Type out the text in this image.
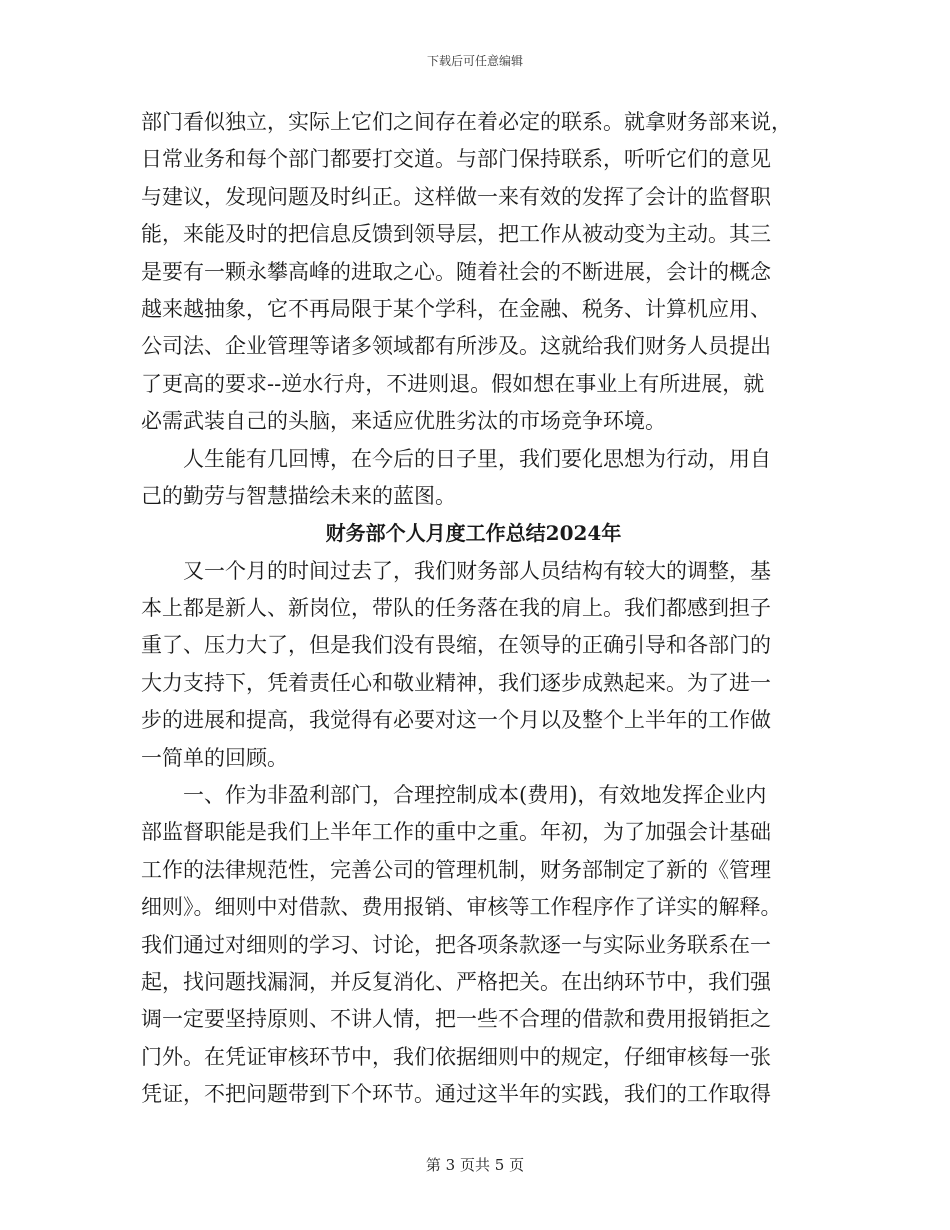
下载后可任意编辑
部门看似独立，实际上它们之间存在着必定的联系。就拿财务部来说，
日常业务和每个部门都要打交道。与部门保持联系，听听它们的意见
与建议，发现问题及时纠正。这样做一来有效的发挥了会计的监督职
能，来能及时的把信息反馈到领导层，把工作从被动变为主动。其三
是要有一颗永攀高峰的进取之心。随着社会的不断进展，会计的概念
越来越抽象，它不再局限于某个学科，在金融、税务、计算机应用、
公司法、企业管理等诸多领域都有所涉及。这就给我们财务人员提出
了更高的要求--逆水行舟，不进则退。假如想在事业上有所进展，就
必需武装自己的头脑，来适应优胜劣汰的市场竞争环境。
人生能有几回博，在今后的日子里，我们要化思想为行动，用自
己的勤劳与智慧描绘未来的蓝图。
财务部个人月度工作总结2024年
又一个月的时间过去了，我们财务部人员结构有较大的调整，基
本上都是新人、新岗位，带队的任务落在我的肩上。我们都感到担子
重了、压力大了，但是我们没有畏缩，在领导的正确引导和各部门的
大力支持下，凭着责任心和敬业精神，我们逐步成熟起来。为了进一
步的进展和提高，我觉得有必要对这一个月以及整个上半年的工作做
一简单的回顾。
一、作为非盈利部门，合理控制成本(费用)，有效地发挥企业内
部监督职能是我们上半年工作的重中之重。年初，为了加强会计基础
工作的法律规范性，完善公司的管理机制，财务部制定了新的《管理
细则》。细则中对借款、费用报销、审核等工作程序作了详实的解释。
我们通过对细则的学习、讨论，把各项条款逐一与实际业务联系在一
起，找问题找漏洞，并反复消化、严格把关。在出纳环节中，我们强
调一定要坚持原则、不讲人情，把一些不合理的借款和费用报销拒之
门外。在凭证审核环节中，我们依据细则中的规定，仔细审核每一张
凭证，不把问题带到下个环节。通过这半年的实践，我们的工作取得
第 3 页共 5 页
